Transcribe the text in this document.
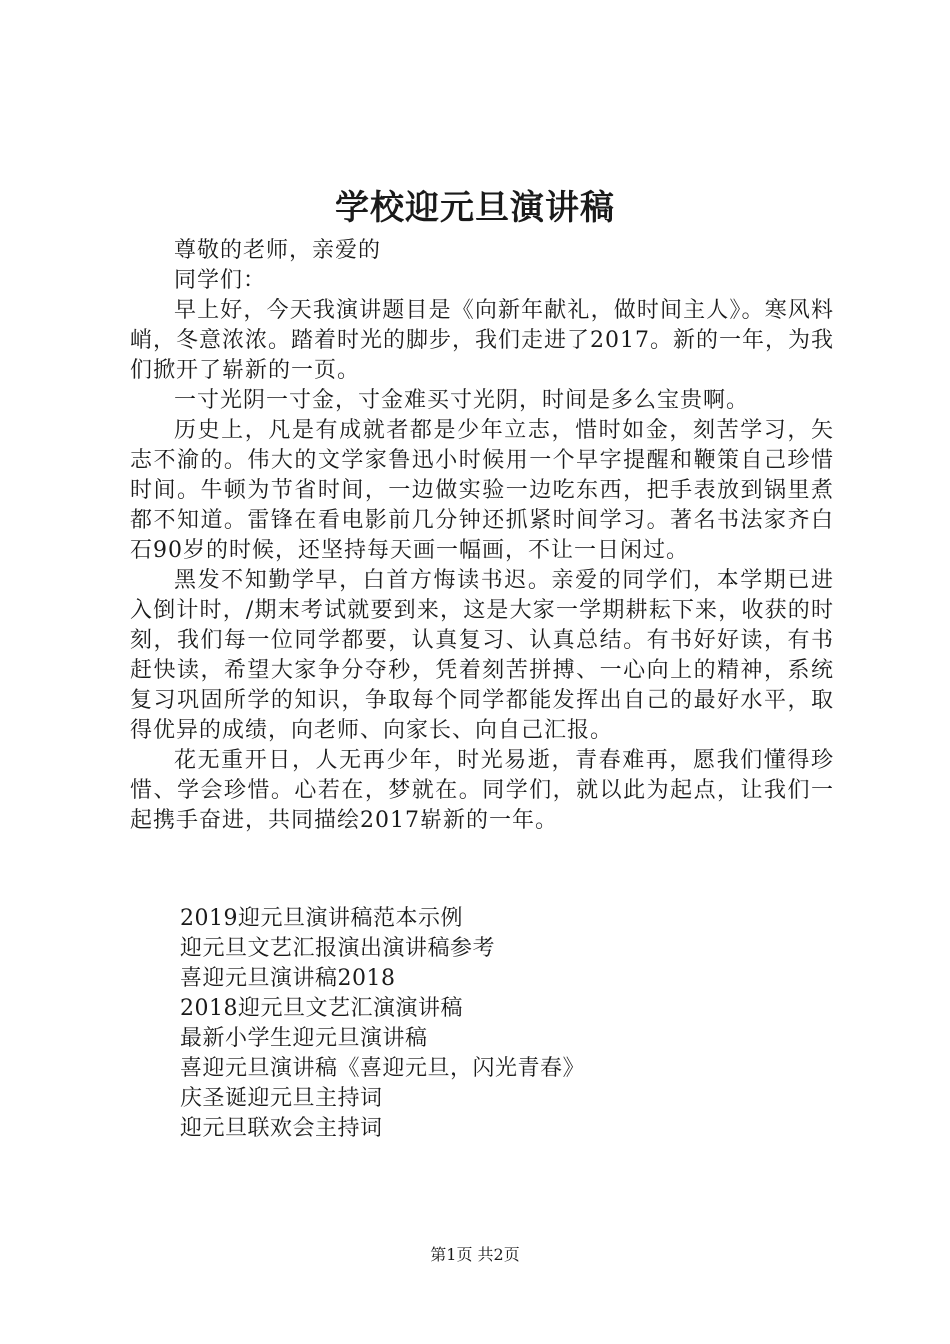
学校迎元旦演讲稿

尊敬的老师，亲爱的

同学们：

早上好，今天我演讲题目是《向新年献礼，做时间主人》。寒风料峭，冬意浓浓。踏着时光的脚步，我们走进了2017。新的一年，为我们掀开了崭新的一页。

一寸光阴一寸金，寸金难买寸光阴，时间是多么宝贵啊。

历史上，凡是有成就者都是少年立志，惜时如金，刻苦学习，矢志不渝的。伟大的文学家鲁迅小时候用一个早字提醒和鞭策自己珍惜时间。牛顿为节省时间，一边做实验一边吃东西，把手表放到锅里煮都不知道。雷锋在看电影前几分钟还抓紧时间学习。著名书法家齐白石90岁的时候，还坚持每天画一幅画，不让一日闲过。

黑发不知勤学早，白首方悔读书迟。亲爱的同学们，本学期已进入倒计时，/期末考试就要到来，这是大家一学期耕耘下来，收获的时刻，我们每一位同学都要，认真复习、认真总结。有书好好读，有书赶快读，希望大家争分夺秒，凭着刻苦拼搏、一心向上的精神，系统复习巩固所学的知识，争取每个同学都能发挥出自己的最好水平，取得优异的成绩，向老师、向家长、向自己汇报。

花无重开日，人无再少年，时光易逝，青春难再，愿我们懂得珍惜、学会珍惜。心若在，梦就在。同学们，就以此为起点，让我们一起携手奋进，共同描绘2017崭新的一年。

2019迎元旦演讲稿范本示例
迎元旦文艺汇报演出演讲稿参考
喜迎元旦演讲稿2018
2018迎元旦文艺汇演演讲稿
最新小学生迎元旦演讲稿
喜迎元旦演讲稿《喜迎元旦，闪光青春》
庆圣诞迎元旦主持词
迎元旦联欢会主持词
第1页 共2页
